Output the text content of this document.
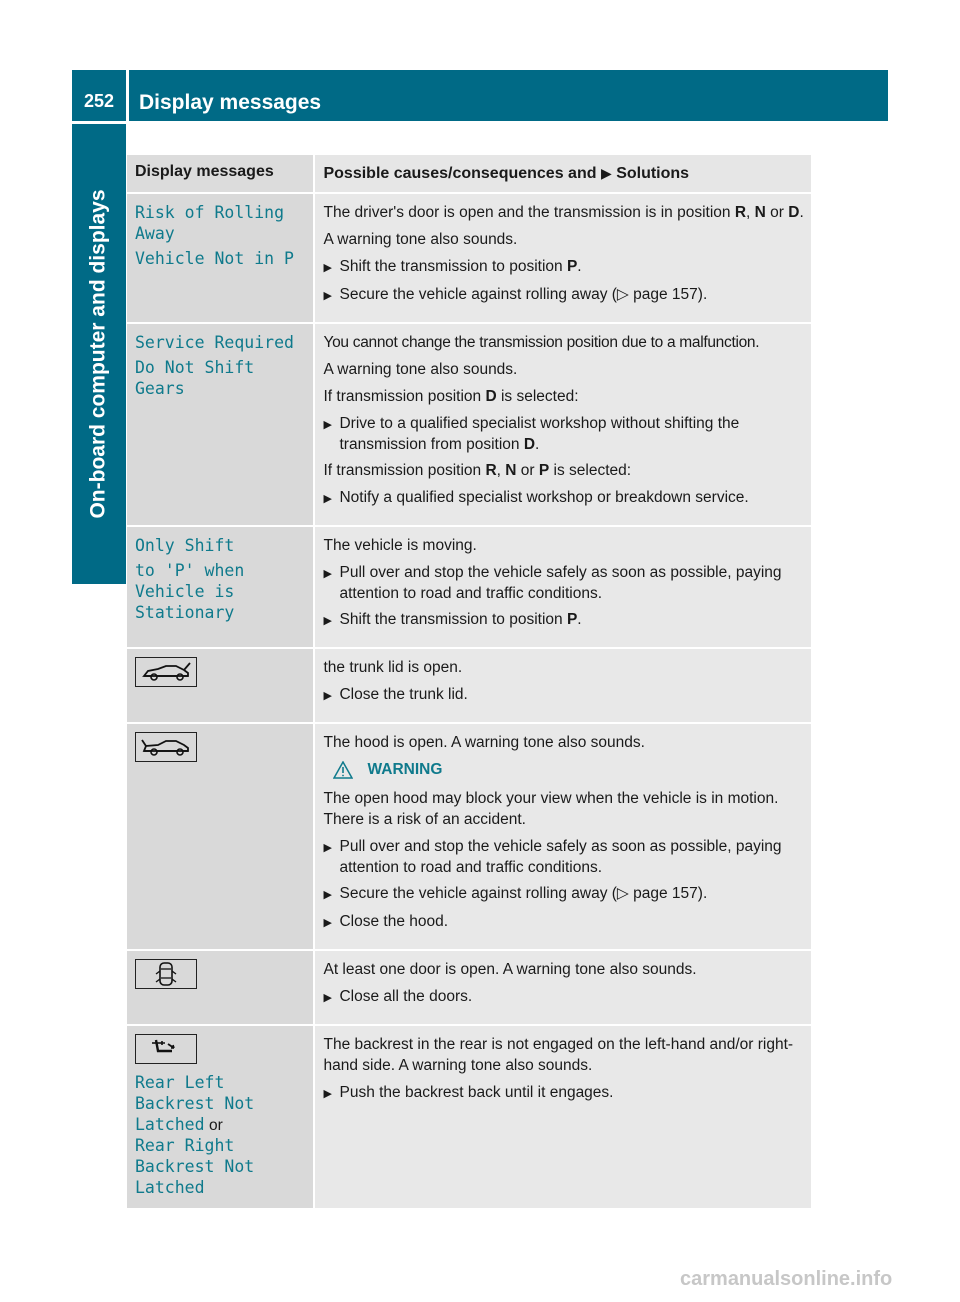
252	Display messages
On-board computer and displays
Display messages	Possible causes/consequences and ▶ Solutions
Risk of Rolling Away
Vehicle Not in P
The driver's door is open and the transmission is in position R, N or D.
A warning tone also sounds.
▶ Shift the transmission to position P.
▶ Secure the vehicle against rolling away (▷ page 157).
Service Required
Do Not Shift Gears
You cannot change the transmission position due to a malfunction.
A warning tone also sounds.
If transmission position D is selected:
▶ Drive to a qualified specialist workshop without shifting the transmission from position D.
If transmission position R, N or P is selected:
▶ Notify a qualified specialist workshop or breakdown service.
Only Shift
to 'P' when Vehicle is Stationary
The vehicle is moving.
▶ Pull over and stop the vehicle safely as soon as possible, paying attention to road and traffic conditions.
▶ Shift the transmission to position P.
the trunk lid is open.
▶ Close the trunk lid.
The hood is open. A warning tone also sounds.
WARNING
The open hood may block your view when the vehicle is in motion. There is a risk of an accident.
▶ Pull over and stop the vehicle safely as soon as possible, paying attention to road and traffic conditions.
▶ Secure the vehicle against rolling away (▷ page 157).
▶ Close the hood.
At least one door is open. A warning tone also sounds.
▶ Close all the doors.
Rear Left Backrest Not Latched or
Rear Right Backrest Not Latched
The backrest in the rear is not engaged on the left-hand and/or right-hand side. A warning tone also sounds.
▶ Push the backrest back until it engages.
carmanualsonline.info
